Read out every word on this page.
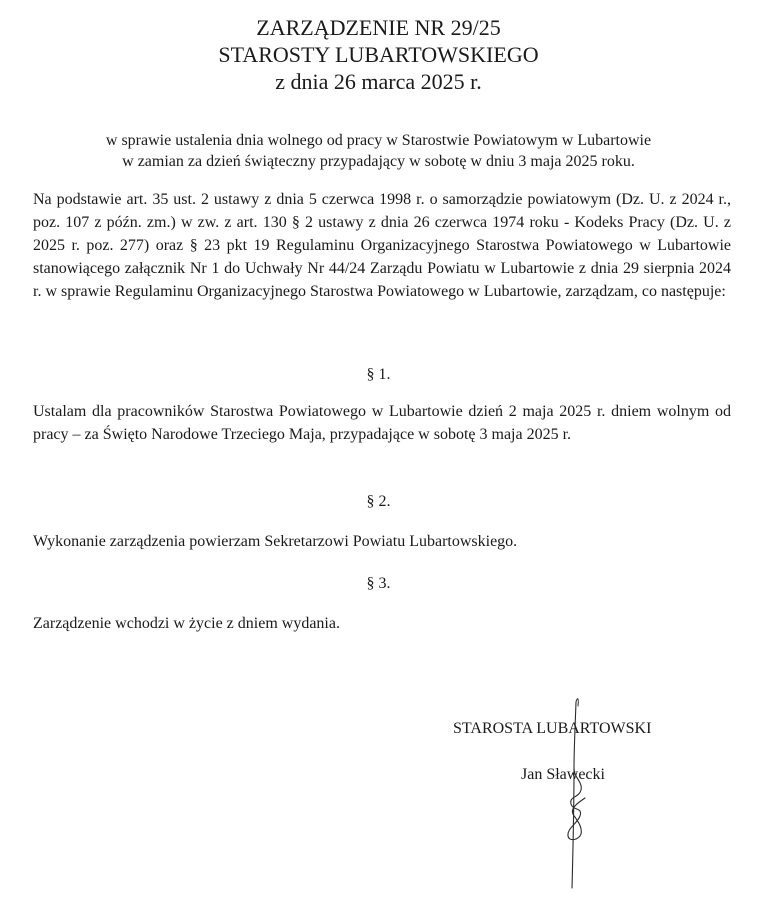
ZARZĄDZENIE NR 29/25
STAROSTY LUBARTOWSKIEGO
z dnia 26 marca 2025 r.
w sprawie ustalenia dnia wolnego od pracy w Starostwie Powiatowym w Lubartowie
w zamian za dzień świąteczny przypadający w sobotę w dniu 3 maja 2025 roku.

Na podstawie art. 35 ust. 2 ustawy z dnia 5 czerwca 1998 r. o samorządzie powiatowym (Dz. U. z 2024 r., poz. 107 z późn. zm.) w zw. z art. 130 § 2 ustawy z dnia 26 czerwca 1974 roku - Kodeks Pracy (Dz. U. z 2025 r. poz. 277) oraz § 23 pkt 19 Regulaminu Organizacyjnego Starostwa Powiatowego w Lubartowie stanowiącego załącznik Nr 1 do Uchwały Nr 44/24 Zarządu Powiatu w Lubartowie z dnia 29 sierpnia 2024 r. w sprawie Regulaminu Organizacyjnego Starostwa Powiatowego w Lubartowie, zarządzam, co następuje:

§ 1.

Ustalam dla pracowników Starostwa Powiatowego w Lubartowie dzień 2 maja 2025 r. dniem wolnym od pracy – za Święto Narodowe Trzeciego Maja, przypadające w sobotę 3 maja 2025 r.

§ 2.

Wykonanie zarządzenia powierzam Sekretarzowi Powiatu Lubartowskiego.

§ 3.

Zarządzenie wchodzi w życie z dniem wydania.

STAROSTA LUBARTOWSKI
Jan Sławecki
